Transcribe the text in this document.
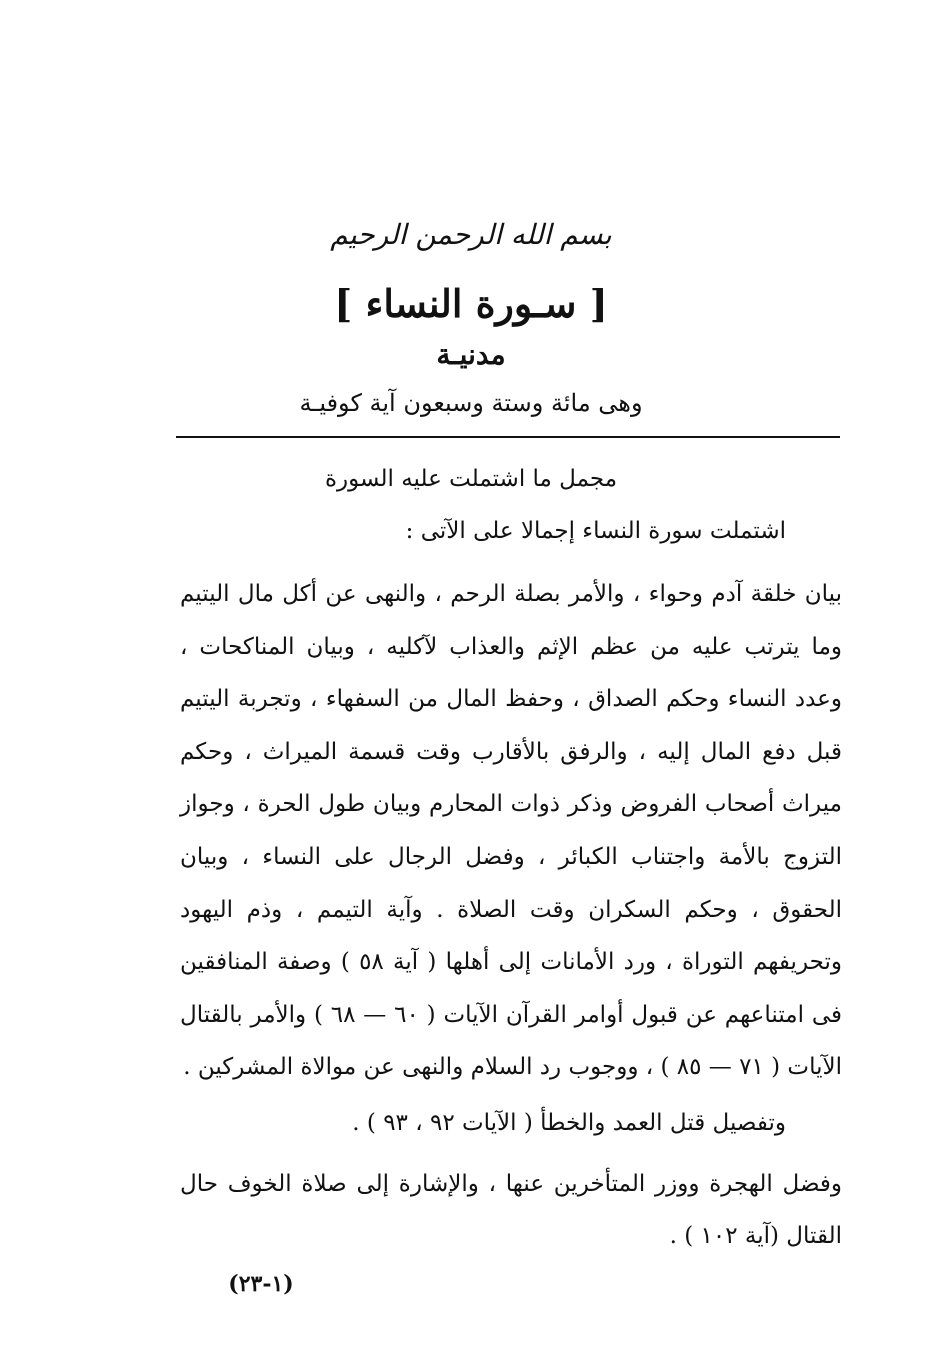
بسم الله الرحمن الرحيم
[ سـورة النساء ]
مدنيـة
وهى مائة وستة وسبعون آية كوفيـة
مجمل ما اشتملت عليه السورة
اشتملت سورة النساء إجمالا على الآتى :
بيان خلقة آدم وحواء ، والأمر بصلة الرحم ، والنهى عن أكل مال اليتيم وما يترتب عليه من عظم الإثم والعذاب لآكليه ، وبيان المناكحات ، وعدد النساء وحكم الصداق ، وحفظ المال من السفهاء ، وتجربة اليتيم قبل دفع المال إليه ، والرفق بالأقارب وقت قسمة الميراث ، وحكم ميراث أصحاب الفروض وذكر ذوات المحارم وبيان طول الحرة ، وجواز التزوج بالأمة واجتناب الكبائر ، وفضل الرجال على النساء ، وبيان الحقوق ، وحكم السكران وقت الصلاة . وآية التيمم ، وذم اليهود وتحريفهم التوراة ، ورد الأمانات إلى أهلها ( آية ٥٨ ) وصفة المنافقين فى امتناعهم عن قبول أوامر القرآن الآيات ( ٦٠ — ٦٨ ) والأمر بالقتال الآيات ( ٧١ — ٨٥ ) ، ووجوب رد السلام والنهى عن موالاة المشركين .
وتفصيل قتل العمد والخطأ ( الآيات ٩٢ ، ٩٣ ) .
وفضل الهجرة ووزر المتأخرين عنها ، والإشارة إلى صلاة الخوف حال القتال (آية ١٠٢ ) .
(١-٢٣)
